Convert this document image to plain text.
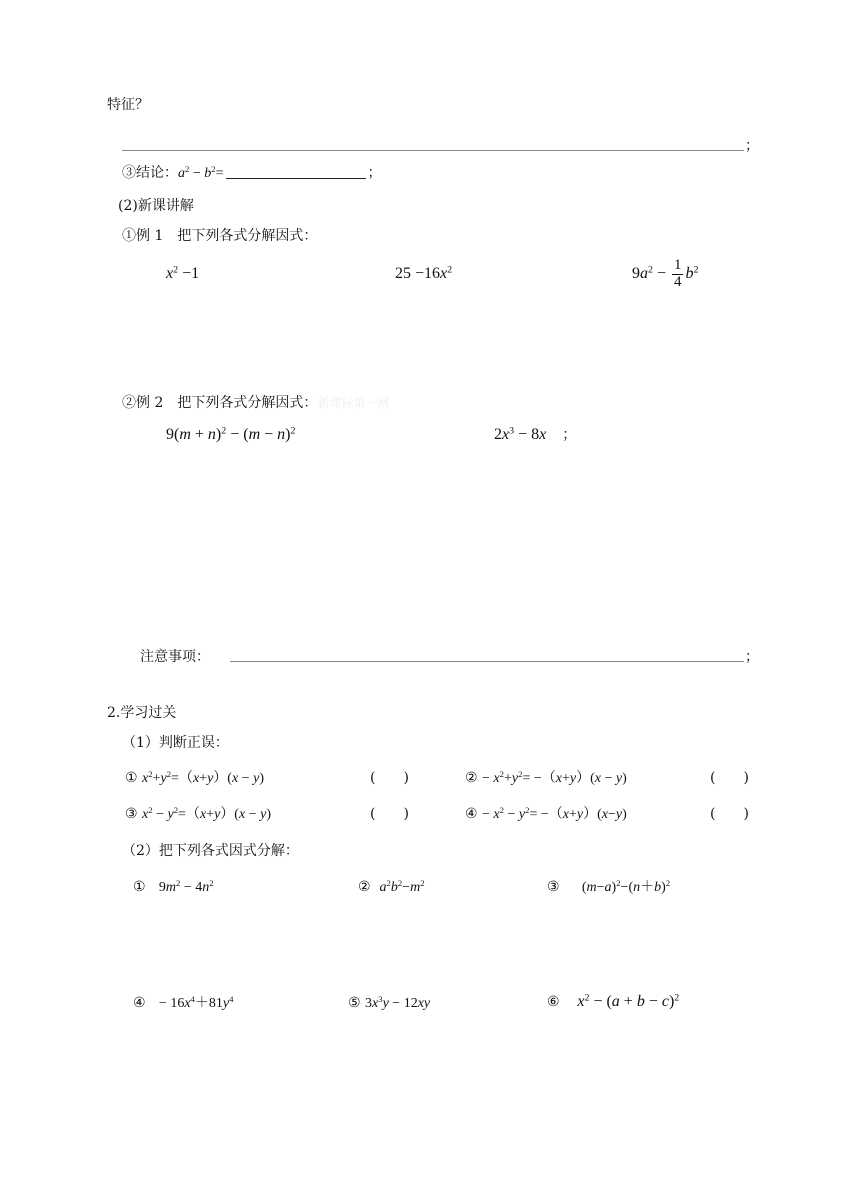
特征？
；
③结论：$a^2 - b^2=$	；
(2)新课讲解
①例 1　把下列各式分解因式：
$x^2 -1$	$25 -16x^2$	$9a^2 - \frac{1}{4} b^2$
②例 2　把下列各式分解因式：新课标第一网
$9(m + n)^2 - (m - n)^2$	$2x^3 - 8x$　 ；
注意事项：	；
2.学习过关
（1）判断正误：
① $x^2+y^2=(x+y)(x - y)$	(　　)	② − $x^2+y^2= -(x+y)(x - y)$	(　　)
③ $x^2 - y^2=(x+y)(x - y)$	(　　)	④ − $x^2 - y^2= -(x+y)(x-y)$	(　　)
（2）把下列各式因式分解：
① $9m^2 - 4n^2$	② $a^2b^2-m^2$	③ $(m-a)^2-(n+b)^2$
④ − $16x^4+81y^4$	⑤ $3x^3y - 12xy$	⑥ $x^2 - (a + b - c)^2$
